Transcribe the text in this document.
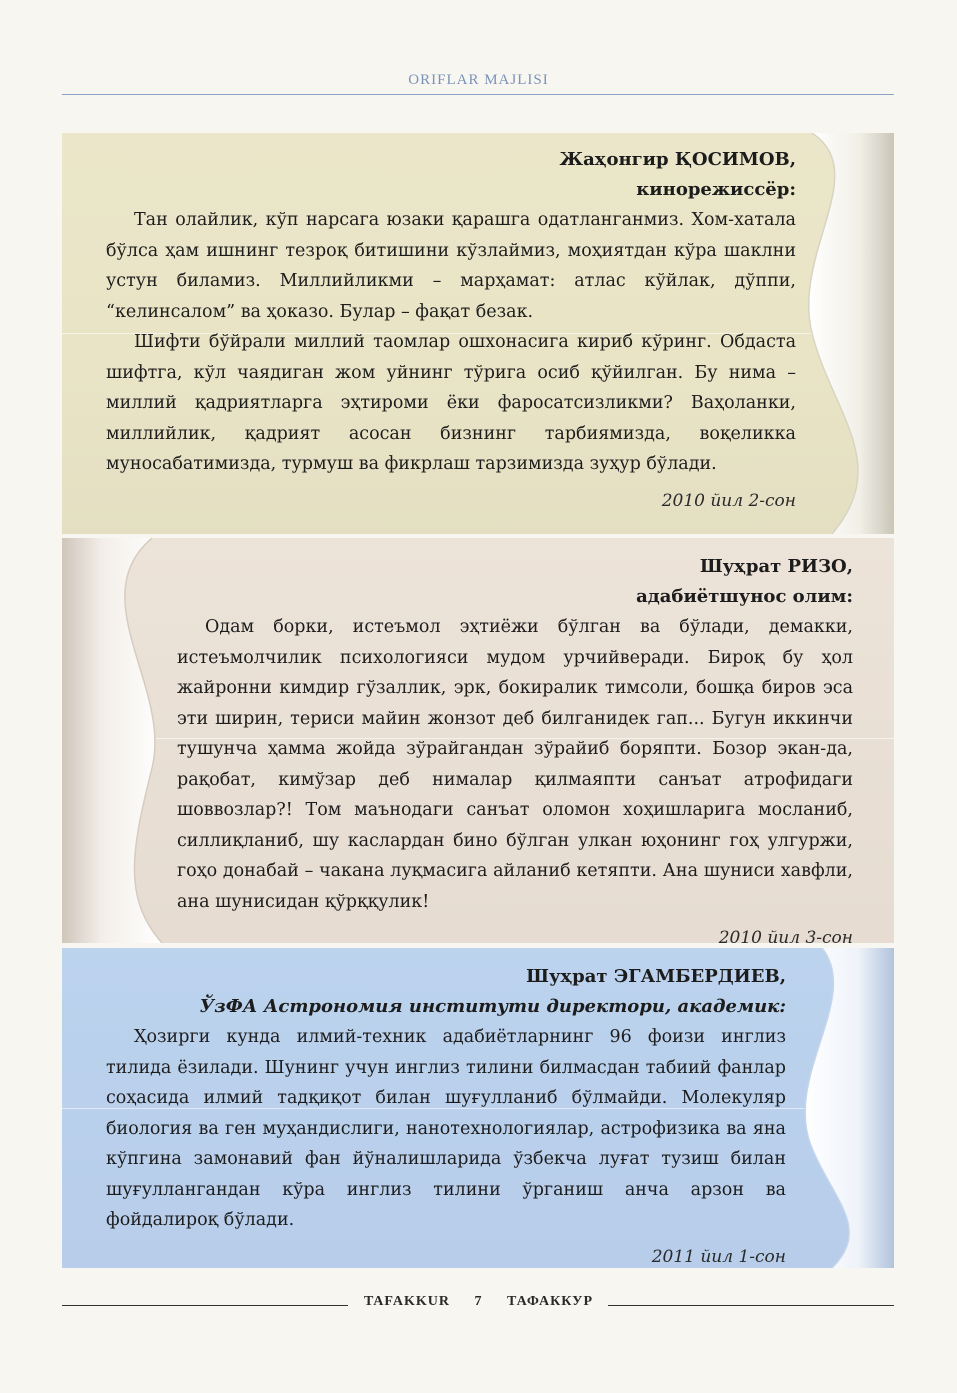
ORIFLAR MAJLISI
Жаҳонгир ҚОСИМОВ,
кинорежиссёр:

Тан олайлик, кўп нарсага юзаки қарашга одатланганмиз. Хом-хатала бўлса ҳам ишнинг тезроқ битишини кўзлаймиз, моҳиятдан кўра шаклни устун биламиз. Миллийликми – марҳамат: атлас кўйлак, дўппи, “келинсалом” ва ҳоказо. Булар – фақат безак.

Шифти бўйрали миллий таомлар ошхонасига кириб кўринг. Обдаста шифтга, кўл чаядиган жом уйнинг тўрига осиб қўйилган. Бу нима – миллий қадриятларга эҳтироми ёки фаросатсизликми? Ваҳоланки, миллийлик, қадрият асосан бизнинг тарбиямизда, воқеликка муносабатимизда, турмуш ва фикрлаш тарзимизда зуҳур бўлади.

2010 йил 2-сон
Шуҳрат РИЗО,
адабиётшунос олим:

Одам борки, истеъмол эҳтиёжи бўлган ва бўлади, демакки, истеъмолчилик психологияси мудом урчийверади. Бироқ бу ҳол жайронни кимдир гўзаллик, эрк, бокиралик тимсоли, бошқа бирoв эса эти ширин, териси майин жонзот деб билганидек гап... Бугун иккинчи тушунча ҳамма жойда зўрайгандан зўрайиб боряпти. Бозор экан-да, рақобат, кимўзар деб нималар қилмаяпти санъат атрофидаги шоввозлар?! Том маънодаги санъат оломон хоҳишларига мосланиб, силлиқланиб, шу каслардан бино бўлган улкан юҳонинг гоҳ улгуржи, гоҳо донабай – чакана луқмасига айланиб кетяпти. Ана шуниси хавфли, ана шунисидан қўрққулик!

2010 йил 3-сон
Шуҳрат ЭГАМБЕРДИЕВ,
ЎзФА Астрономия институти директори, академик:

Ҳозирги кунда илмий-техник адабиётларнинг 96 фоизи инглиз тилида ёзилади. Шунинг учун инглиз тилини билмасдан табиий фанлар соҳасида илмий тадқиқот билан шуғулланиб бўлмайди. Молекуляр биология ва ген муҳандислиги, нанотехнологиялар, астрофизика ва яна кўпгина замонавий фан йўналишларида ўзбекча луғат тузиш билан шуғуллангандан кўра инглиз тилини ўрганиш анча арзон ва фойдалироқ бўлади.

2011 йил 1-сон
TAFAKKUR 7 ТАФАККУР
